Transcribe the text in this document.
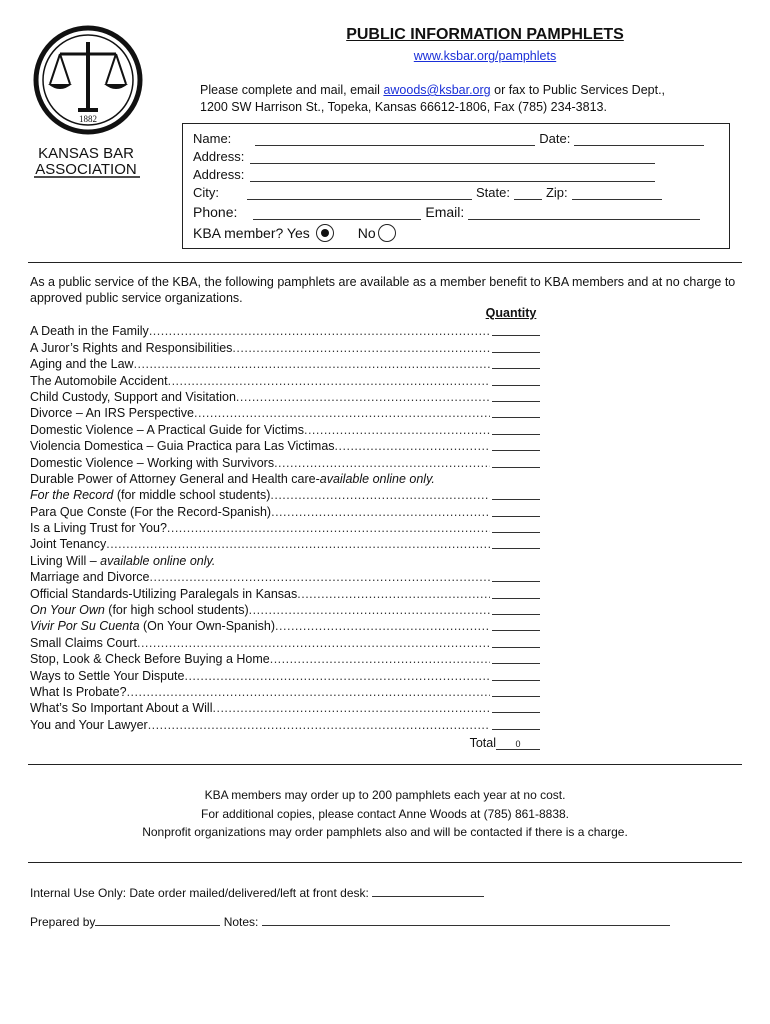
1882
KANSAS BAR
ASSOCIATION
PUBLIC INFORMATION PAMPHLETS
www.ksbar.org/pamphlets
Please complete and mail, email awoods@ksbar.org or fax to Public Services Dept.,
1200 SW Harrison St., Topeka, Kansas 66612-1806, Fax (785) 234-3813.
Name:	Date:
Address:
Address:
City:	State:	Zip:
Phone:	Email:
KBA member? Yes	No
As a public service of the KBA, the following pamphlets are available as a member benefit to KBA members and at no charge to approved public service organizations.
Quantity
A Death in the Family
.....
A Juror’s Rights and Responsibilities
.....
Aging and the Law
.....
The Automobile Accident
.....
Child Custody, Support and Visitation
.....
Divorce – An IRS Perspective
.....
Domestic Violence – A Practical Guide for Victims
.....
Violencia Domestica – Guia Practica para Las Victimas
.....
Domestic Violence – Working with Survivors
.....
Durable Power of Attorney General and Health care-available online only.
For the Record (for middle school students)
.....
Para Que Conste (For the Record-Spanish)
.....
Is a Living Trust for You?
.....
Joint Tenancy
.....
Living Will – available online only.
Marriage and Divorce
.....
Official Standards-Utilizing Paralegals in Kansas
.....
On Your Own (for high school students)
.....
Vivir Por Su Cuenta (On Your Own-Spanish)
.....
Small Claims Court
.....
Stop, Look & Check Before Buying a Home
.....
Ways to Settle Your Dispute
.....
What Is Probate?
.....
What’s So Important About a Will
.....
You and Your Lawyer
.....
Total 0
KBA members may order up to 200 pamphlets each year at no cost.
For additional copies, please contact Anne Woods at (785) 861-8838.
Nonprofit organizations may order pamphlets also and will be contacted if there is a charge.
Internal Use Only: Date order mailed/delivered/left at front desk:
Prepared by	Notes:
